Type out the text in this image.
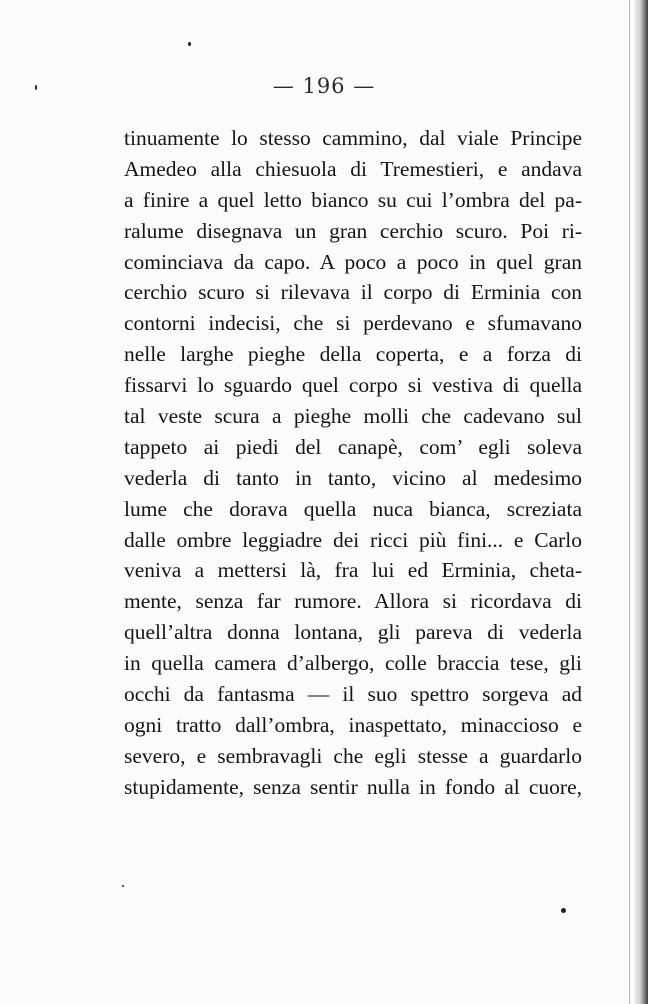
— 196 —
tinuamente lo stesso cammino, dal viale Principe
Amedeo alla chiesuola di Tremestieri, e andava
a finire a quel letto bianco su cui l’ombra del pa-
ralume disegnava un gran cerchio scuro. Poi ri-
cominciava da capo. A poco a poco in quel gran
cerchio scuro si rilevava il corpo di Erminia con
contorni indecisi, che si perdevano e sfumavano
nelle larghe pieghe della coperta, e a forza di
fissarvi lo sguardo quel corpo si vestiva di quella
tal veste scura a pieghe molli che cadevano sul
tappeto ai piedi del canapè, com’ egli soleva
vederla di tanto in tanto, vicino al medesimo
lume che dorava quella nuca bianca, screziata
dalle ombre leggiadre dei ricci più fini... e Carlo
veniva a mettersi là, fra lui ed Erminia, cheta-
mente, senza far rumore. Allora si ricordava di
quell’altra donna lontana, gli pareva di vederla
in quella camera d’albergo, colle braccia tese, gli
occhi da fantasma — il suo spettro sorgeva ad
ogni tratto dall’ombra, inaspettato, minaccioso e
severo, e sembravagli che egli stesse a guardarlo
stupidamente, senza sentir nulla in fondo al cuore,
